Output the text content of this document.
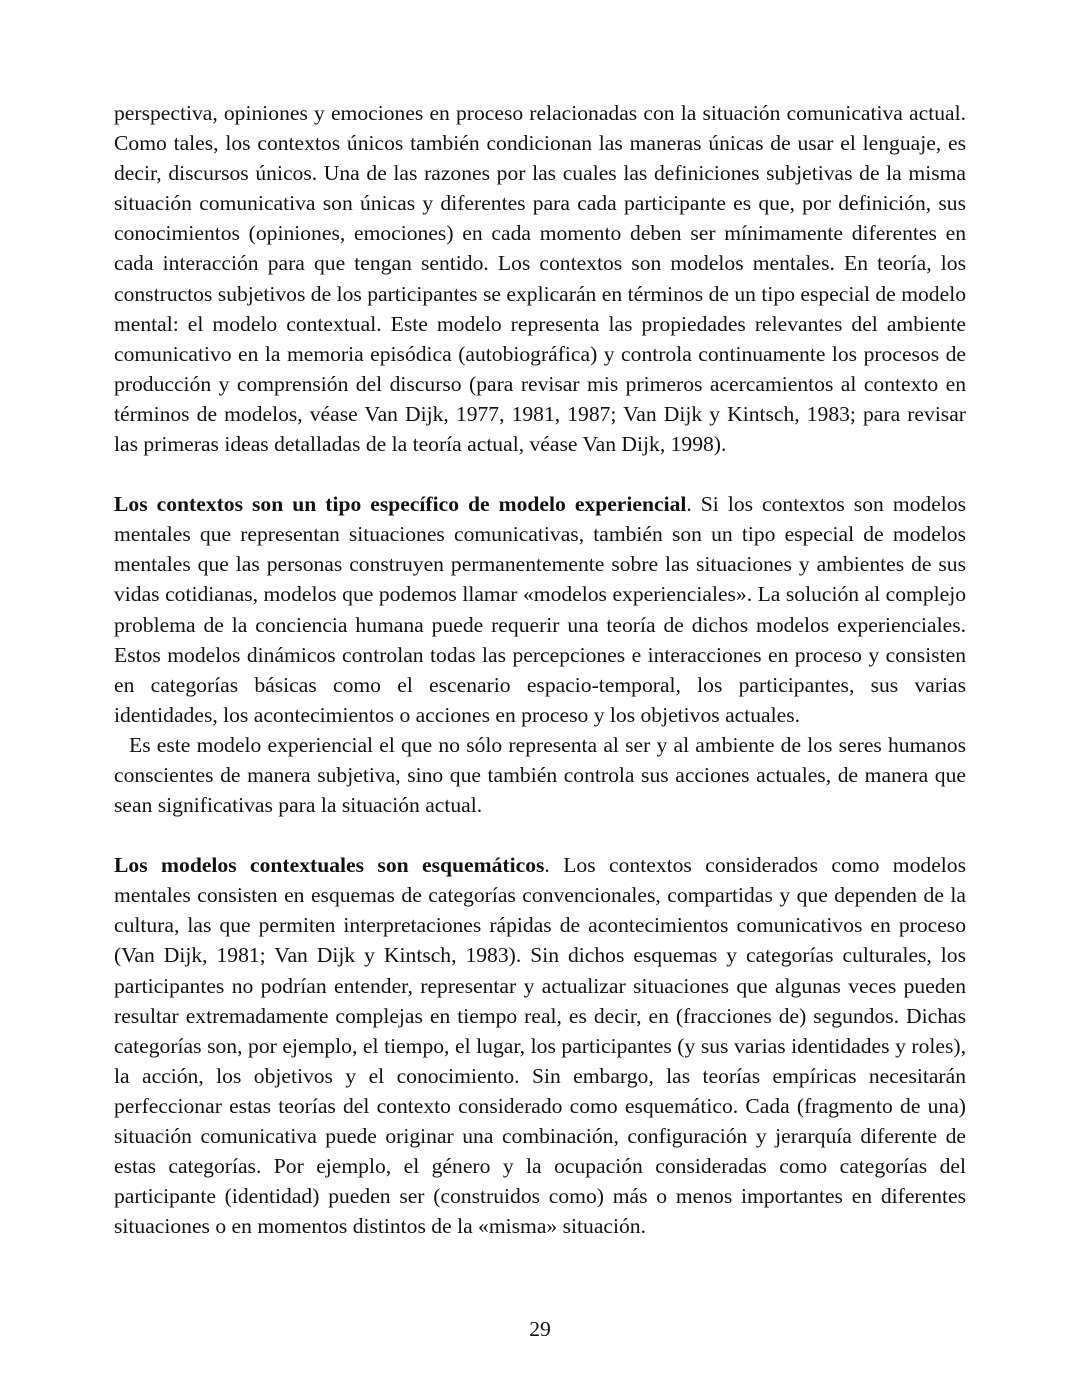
perspectiva, opiniones y emociones en proceso relacionadas con la situación comunicativa actual. Como tales, los contextos únicos también condicionan las maneras únicas de usar el lenguaje, es decir, discursos únicos. Una de las razones por las cuales las definiciones subjetivas de la misma situación comunicativa son únicas y diferentes para cada participante es que, por definición, sus conocimientos (opiniones, emociones) en cada momento deben ser mínimamente diferentes en cada interacción para que tengan sentido. Los contextos son modelos mentales. En teoría, los constructos subjetivos de los participantes se explicarán en términos de un tipo especial de modelo mental: el modelo contextual. Este modelo representa las propiedades relevantes del ambiente comunicativo en la memoria episódica (autobiográfica) y controla continuamente los procesos de producción y comprensión del discurso (para revisar mis primeros acercamientos al contexto en términos de modelos, véase Van Dijk, 1977, 1981, 1987; Van Dijk y Kintsch, 1983; para revisar las primeras ideas detalladas de la teoría actual, véase Van Dijk, 1998).

Los contextos son un tipo específico de modelo experiencial. Si los contextos son modelos mentales que representan situaciones comunicativas, también son un tipo especial de modelos mentales que las personas construyen permanentemente sobre las situaciones y ambientes de sus vidas cotidianas, modelos que podemos llamar «modelos experienciales». La solución al complejo problema de la conciencia humana puede requerir una teoría de dichos modelos experienciales. Estos modelos dinámicos controlan todas las percepciones e interacciones en proceso y consisten en categorías básicas como el escenario espacio-temporal, los participantes, sus varias identidades, los acontecimientos o acciones en proceso y los objetivos actuales.

Es este modelo experiencial el que no sólo representa al ser y al ambiente de los seres humanos conscientes de manera subjetiva, sino que también controla sus acciones actuales, de manera que sean significativas para la situación actual.

Los modelos contextuales son esquemáticos. Los contextos considerados como modelos mentales consisten en esquemas de categorías convencionales, compartidas y que dependen de la cultura, las que permiten interpretaciones rápidas de acontecimientos comunicativos en proceso (Van Dijk, 1981; Van Dijk y Kintsch, 1983). Sin dichos esquemas y categorías culturales, los participantes no podrían entender, representar y actualizar situaciones que algunas veces pueden resultar extremadamente complejas en tiempo real, es decir, en (fracciones de) segundos. Dichas categorías son, por ejemplo, el tiempo, el lugar, los participantes (y sus varias identidades y roles), la acción, los objetivos y el conocimiento. Sin embargo, las teorías empíricas necesitarán perfeccionar estas teorías del contexto considerado como esquemático. Cada (fragmento de una) situación comunicativa puede originar una combinación, configuración y jerarquía diferente de estas categorías. Por ejemplo, el género y la ocupación consideradas como categorías del participante (identidad) pueden ser (construidos como) más o menos importantes en diferentes situaciones o en momentos distintos de la «misma» situación.

29
